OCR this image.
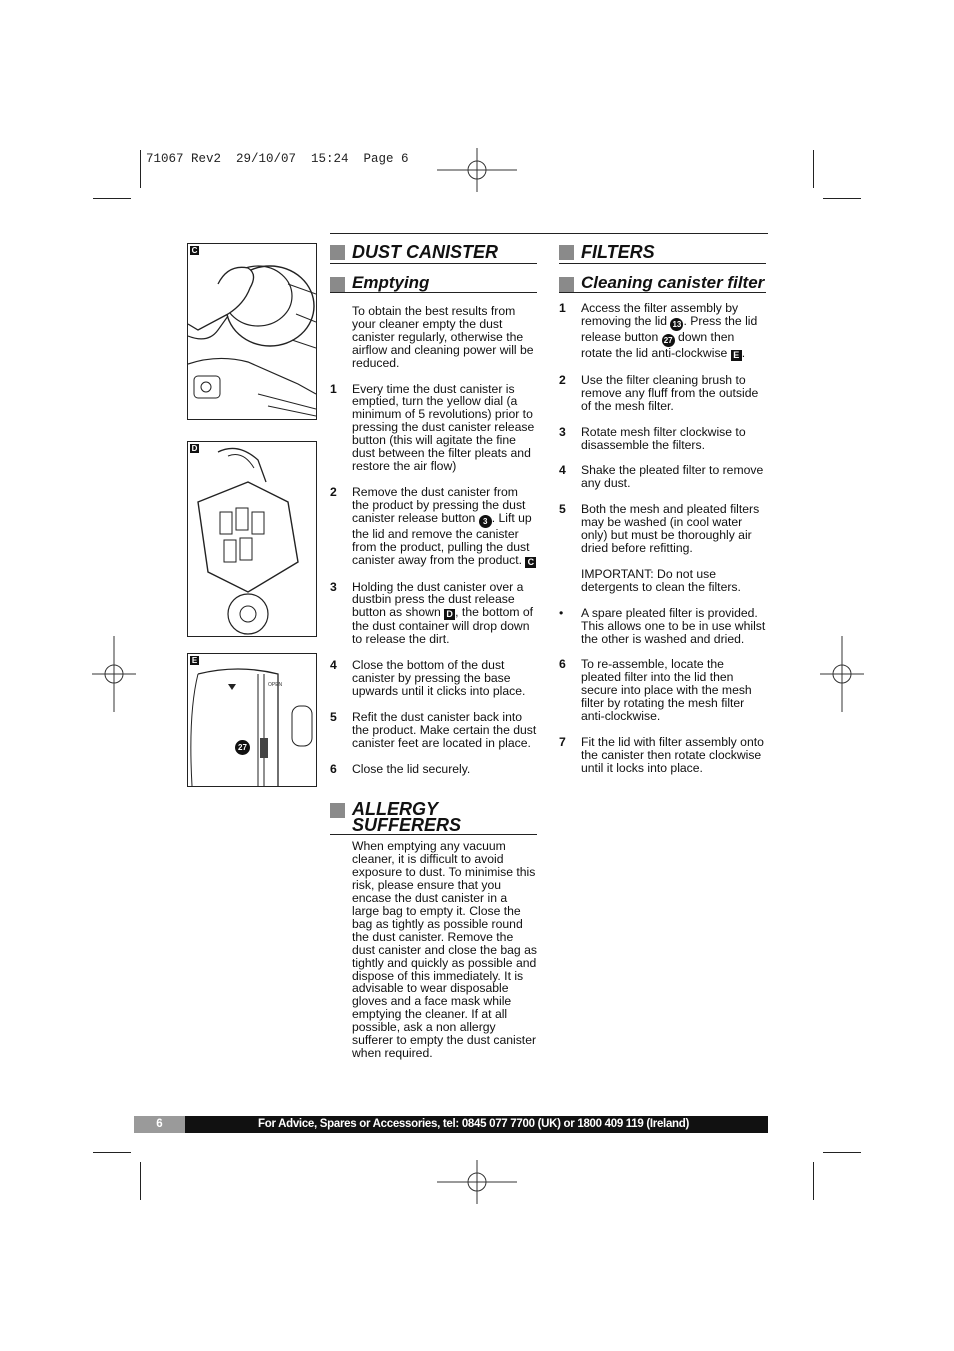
71067 Rev2  29/10/07  15:24  Page 6
C
D
E
OPEN
27
DUST CANISTER
Emptying
To obtain the best results from your cleaner empty the dust canister regularly, otherwise the airflow and cleaning power will be reduced.
1 Every time the dust canister is emptied, turn the yellow dial (a minimum of 5 revolutions) prior to pressing the dust canister release button (this will agitate the fine dust between the filter pleats and restore the air flow)
2 Remove the dust canister from the product by pressing the dust canister release button 3 . Lift up the lid and remove the canister from the product, pulling the dust canister away from the product. C
3 Holding the dust canister over a dustbin press the dust release button as shown D , the bottom of the dust container will drop down to release the dirt.
4 Close the bottom of the dust canister by pressing the base upwards until it clicks into place.
5 Refit the dust canister back into the product. Make certain the dust canister feet are located in place.
6 Close the lid securely.
ALLERGY SUFFERERS
When emptying any vacuum cleaner, it is difficult to avoid exposure to dust. To minimise this risk, please ensure that you encase the dust canister in a large bag to empty it. Close the bag as tightly as possible round the dust canister. Remove the dust canister and close the bag as tightly and quickly as possible and dispose of this immediately. It is advisable to wear disposable gloves and a face mask while emptying the cleaner. If at all possible, ask a non allergy sufferer to empty the dust canister when required.
FILTERS
Cleaning canister filter
1 Access the filter assembly by removing the lid 13 . Press the lid release button 27 down then rotate the lid anti-clockwise E .
2 Use the filter cleaning brush to remove any fluff from the outside of the mesh filter.
3 Rotate mesh filter clockwise to disassemble the filters.
4 Shake the pleated filter to remove any dust.
5 Both the mesh and pleated filters may be washed (in cool water only) but must be thoroughly air dried before refitting.
IMPORTANT: Do not use detergents to clean the filters.
• A spare pleated filter is provided. This allows one to be in use whilst the other is washed and dried.
6 To re-assemble, locate the pleated filter into the lid then secure into place with the mesh filter by rotating the mesh filter anti-clockwise.
7 Fit the lid with filter assembly onto the canister then rotate clockwise until it locks into place.
6	For Advice, Spares or Accessories, tel: 0845 077 7700 (UK) or 1800 409 119 (Ireland)
